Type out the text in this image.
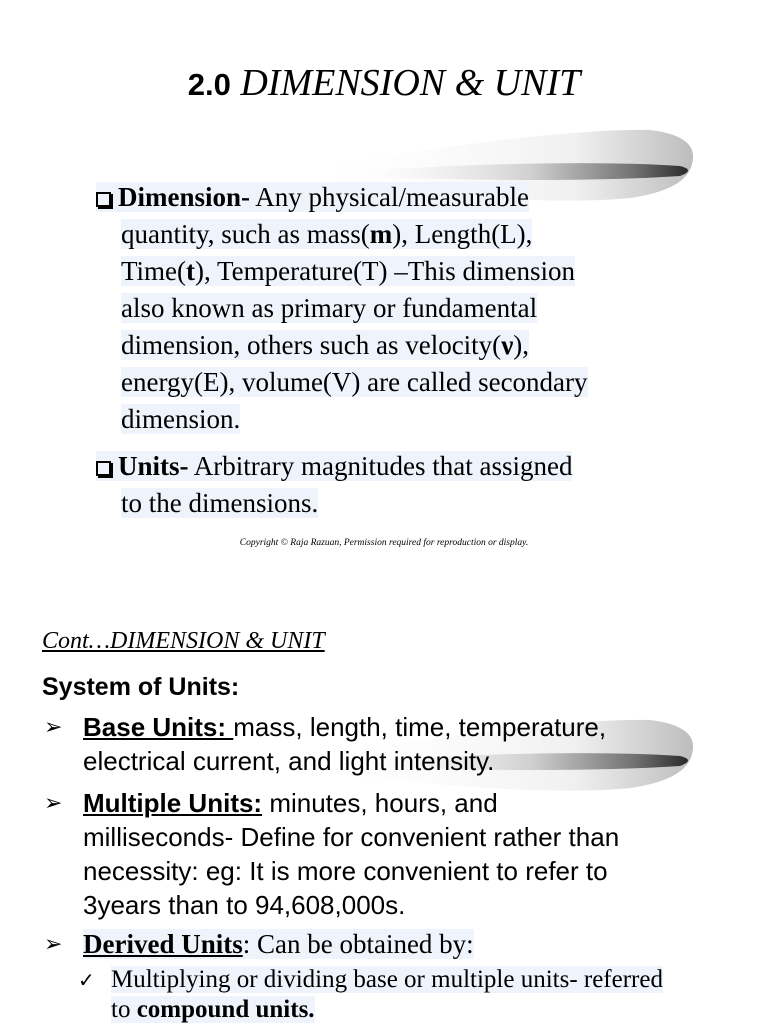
2.0 DIMENSION & UNIT
Dimension- Any physical/measurable
quantity, such as mass(m), Length(L),
Time(t), Temperature(T) –This dimension
also known as primary or fundamental
dimension, others such as velocity(ν),
energy(E), volume(V) are called secondary
dimension.
Units- Arbitrary magnitudes that assigned
to the dimensions.
Copyright © Raja Razuan, Permission required for reproduction or display.
Cont…DIMENSION & UNIT
System of Units:
➢ Base Units: mass, length, time, temperature,
electrical current, and light intensity.
➢ Multiple Units: minutes, hours, and
milliseconds- Define for convenient rather than
necessity: eg: It is more convenient to refer to
3years than to 94,608,000s.
➢ Derived Units: Can be obtained by:
✓ Multiplying or dividing base or multiple units- referred
to compound units.
